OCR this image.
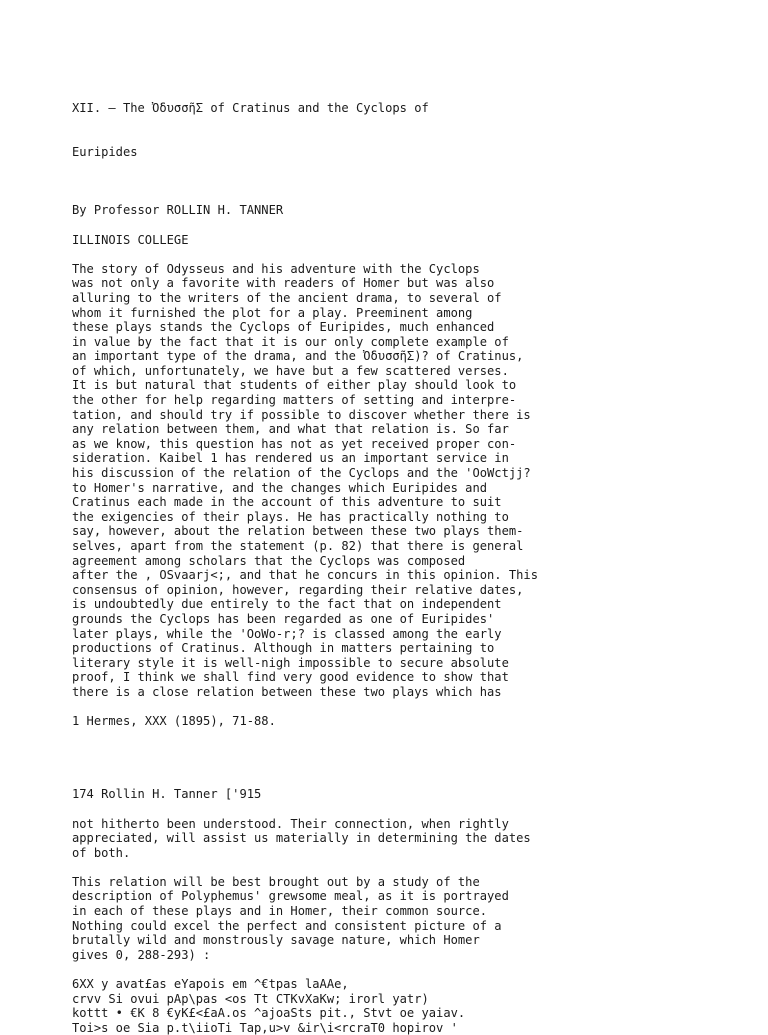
XII. — The ὈδυσσῆΣ of Cratinus and the Cyclops of

Euripides

By Professor ROLLIN H. TANNER
ILLINOIS COLLEGE
The story of Odysseus and his adventure with the Cyclops
was not only a favorite with readers of Homer but was also
alluring to the writers of the ancient drama, to several of
whom it furnished the plot for a play. Preeminent among
these plays stands the Cyclops of Euripides, much enhanced
in value by the fact that it is our only complete example of
an important type of the drama, and the ὈδυσσῆΣ)? of Cratinus,
of which, unfortunately, we have but a few scattered verses.
It is but natural that students of either play should look to
the other for help regarding matters of setting and interpre-
tation, and should try if possible to discover whether there is
any relation between them, and what that relation is. So far
as we know, this question has not as yet received proper con-
sideration. Kaibel 1 has rendered us an important service in
his discussion of the relation of the Cyclops and the 'OoWctjj?
to Homer's narrative, and the changes which Euripides and
Cratinus each made in the account of this adventure to suit
the exigencies of their plays. He has practically nothing to
say, however, about the relation between these two plays them-
selves, apart from the statement (p. 82) that there is general
agreement among scholars that the Cyclops was composed
after the , OSvaarj<;, and that he concurs in this opinion. This
consensus of opinion, however, regarding their relative dates,
is undoubtedly due entirely to the fact that on independent
grounds the Cyclops has been regarded as one of Euripides'
later plays, while the 'OoWo-r;? is classed among the early
productions of Cratinus. Although in matters pertaining to
literary style it is well-nigh impossible to secure absolute
proof, I think we shall find very good evidence to show that
there is a close relation between these two plays which has
1 Hermes, XXX (1895), 71-88.
174 Rollin H. Tanner ['915
not hitherto been understood. Their connection, when rightly
appreciated, will assist us materially in determining the dates
of both.
This relation will be best brought out by a study of the
description of Polyphemus' grewsome meal, as it is portrayed
in each of these plays and in Homer, their common source.
Nothing could excel the perfect and consistent picture of a
brutally wild and monstrously savage nature, which Homer
gives 0, 288-293) :
6XX y avat£as eYapois em ^€tpas laAAe,
crvv Si ovui pAp\pas <os Tt CTKvXaKw; irorl yatr)
kottt • €K 8 €yK£<£aA.os ^ajoaSts pit., Stvt oe yaiav.
Toi>s oe Sia p.t\iioTi Tap,u>v &ir\i<rcraT0 hopirov '
